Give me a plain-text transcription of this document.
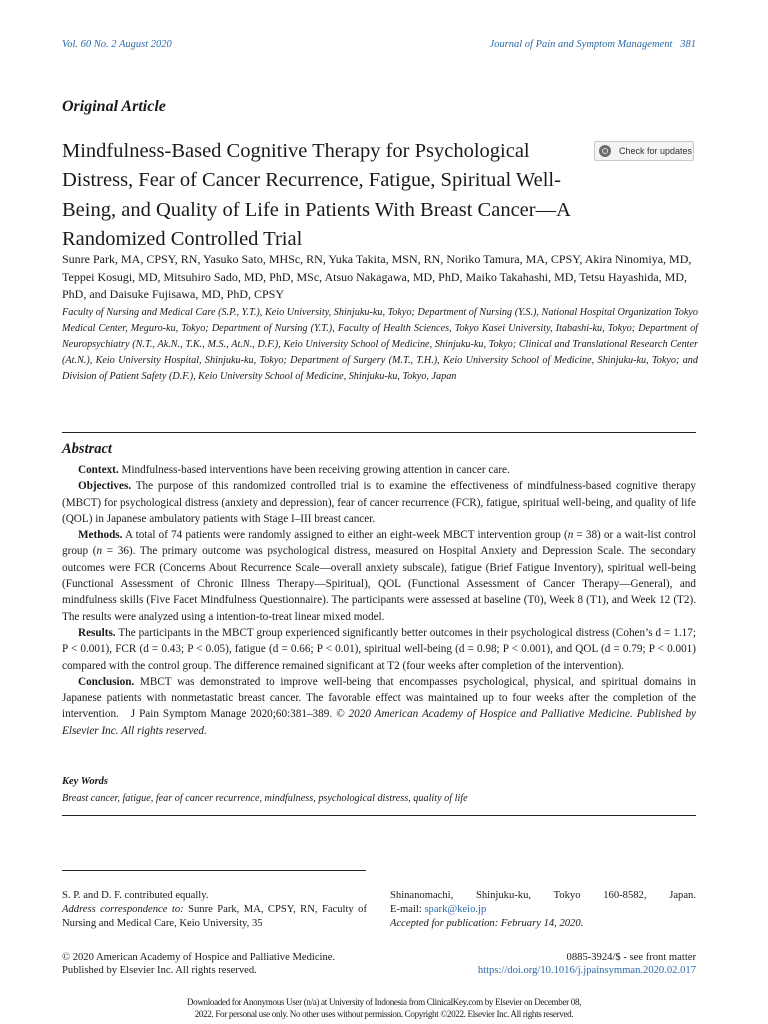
Vol. 60 No. 2 August 2020	Journal of Pain and Symptom Management 381
Original Article
Mindfulness-Based Cognitive Therapy for Psychological Distress, Fear of Cancer Recurrence, Fatigue, Spiritual Well-Being, and Quality of Life in Patients With Breast Cancer—A Randomized Controlled Trial
Check for updates
Sunre Park, MA, CPSY, RN, Yasuko Sato, MHSc, RN, Yuka Takita, MSN, RN, Noriko Tamura, MA, CPSY, Akira Ninomiya, MD, Teppei Kosugi, MD, Mitsuhiro Sado, MD, PhD, MSc, Atsuo Nakagawa, MD, PhD, Maiko Takahashi, MD, Tetsu Hayashida, MD, PhD, and Daisuke Fujisawa, MD, PhD, CPSY
Faculty of Nursing and Medical Care (S.P., Y.T.), Keio University, Shinjuku-ku, Tokyo; Department of Nursing (Y.S.), National Hospital Organization Tokyo Medical Center, Meguro-ku, Tokyo; Department of Nursing (Y.T.), Faculty of Health Sciences, Tokyo Kasei University, Itabashi-ku, Tokyo; Department of Neuropsychiatry (N.T., Ak.N., T.K., M.S., At.N., D.F.), Keio University School of Medicine, Shinjuku-ku, Tokyo; Clinical and Translational Research Center (At.N.), Keio University Hospital, Shinjuku-ku, Tokyo; Department of Surgery (M.T., T.H.), Keio University School of Medicine, Shinjuku-ku, Tokyo; and Division of Patient Safety (D.F.), Keio University School of Medicine, Shinjuku-ku, Tokyo, Japan
Abstract

Context. Mindfulness-based interventions have been receiving growing attention in cancer care.

Objectives. The purpose of this randomized controlled trial is to examine the effectiveness of mindfulness-based cognitive therapy (MBCT) for psychological distress (anxiety and depression), fear of cancer recurrence (FCR), fatigue, spiritual well-being, and quality of life (QOL) in Japanese ambulatory patients with Stage I–III breast cancer.

Methods. A total of 74 patients were randomly assigned to either an eight-week MBCT intervention group (n = 38) or a wait-list control group (n = 36). The primary outcome was psychological distress, measured on Hospital Anxiety and Depression Scale. The secondary outcomes were FCR (Concerns About Recurrence Scale—overall anxiety subscale), fatigue (Brief Fatigue Inventory), spiritual well-being (Functional Assessment of Chronic Illness Therapy—Spiritual), QOL (Functional Assessment of Cancer Therapy—General), and mindfulness skills (Five Facet Mindfulness Questionnaire). The participants were assessed at baseline (T0), Week 8 (T1), and Week 12 (T2). The results were analyzed using a intention-to-treat linear mixed model.

Results. The participants in the MBCT group experienced significantly better outcomes in their psychological distress (Cohen’s d = 1.17; P < 0.001), FCR (d = 0.43; P < 0.05), fatigue (d = 0.66; P < 0.01), spiritual well-being (d = 0.98; P < 0.001), and QOL (d = 0.79; P < 0.001) compared with the control group. The difference remained significant at T2 (four weeks after completion of the intervention).

Conclusion. MBCT was demonstrated to improve well-being that encompasses psychological, physical, and spiritual domains in Japanese patients with nonmetastatic breast cancer. The favorable effect was maintained up to four weeks after the completion of the intervention. J Pain Symptom Manage 2020;60:381–389. © 2020 American Academy of Hospice and Palliative Medicine. Published by Elsevier Inc. All rights reserved.

Key Words
Breast cancer, fatigue, fear of cancer recurrence, mindfulness, psychological distress, quality of life
S. P. and D. F. contributed equally.
Address correspondence to: Sunre Park, MA, CPSY, RN, Faculty of Nursing and Medical Care, Keio University, 35
Shinanomachi, Shinjuku-ku, Tokyo 160-8582, Japan.
E-mail: spark@keio.jp
Accepted for publication: February 14, 2020.
© 2020 American Academy of Hospice and Palliative Medicine.
Published by Elsevier Inc. All rights reserved.
0885-3924/$ - see front matter
https://doi.org/10.1016/j.jpainsymman.2020.02.017
Downloaded for Anonymous User (n/a) at University of Indonesia from ClinicalKey.com by Elsevier on December 08,
2022. For personal use only. No other uses without permission. Copyright ©2022. Elsevier Inc. All rights reserved.
